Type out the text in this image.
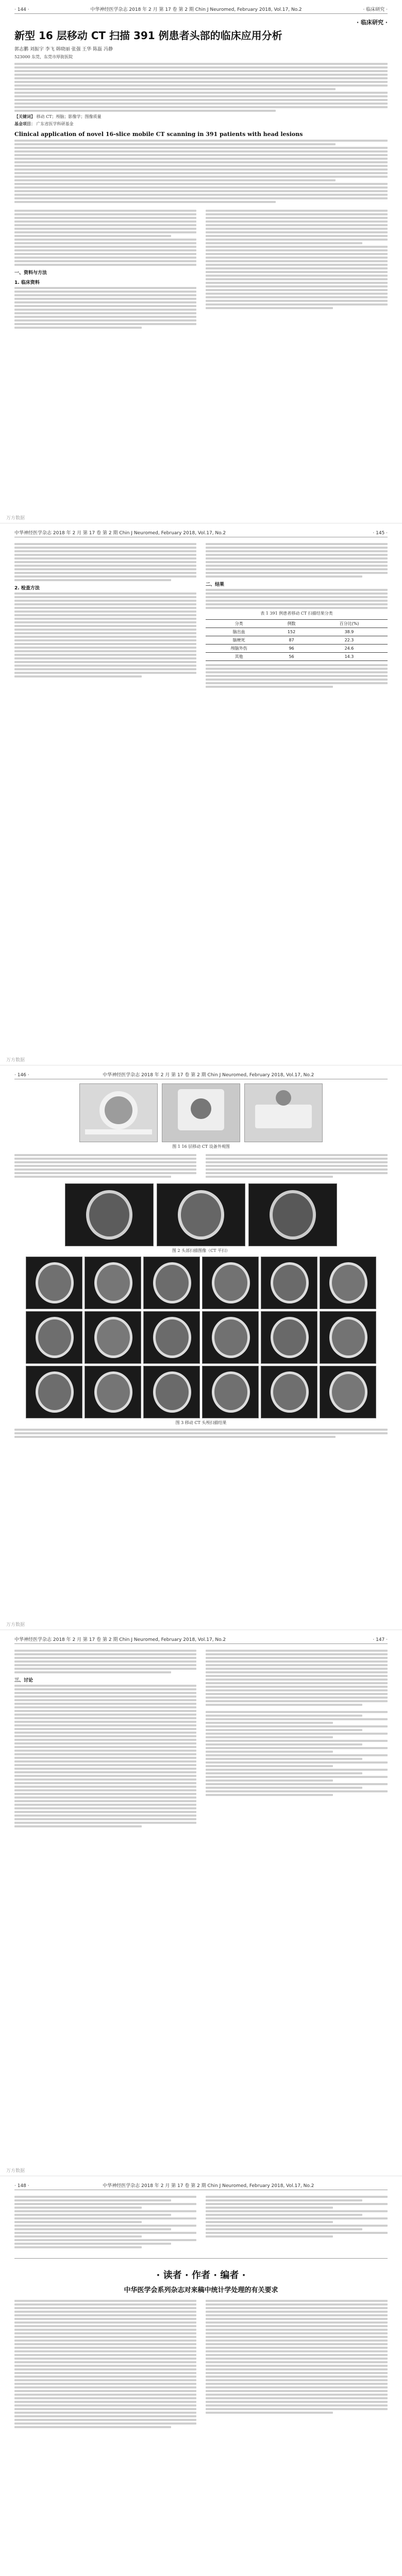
· 144 ·	中华神经医学杂志 2018 年 2 月 第 17 卷 第 2 期 Chin J Neuromed, February 2018, Vol.17, No.2	· 临床研究 ·
· 临床研究 ·
新型 16 层移动 CT 扫描 391 例患者头部的临床应用分析
郭志鹏 刘振宇 李飞 韩晓丽 张强 王华 陈磊 冯静
523000 东莞，东莞市厚街医院
【关键词】 移动 CT；颅脑；影像学；图像质量
基金项目： 广东省医学科研基金
Clinical application of novel 16-slice mobile CT scanning in 391 patients with head lesions
一、资料与方法
1. 临床资料
万方数据
中华神经医学杂志 2018 年 2 月 第 17 卷 第 2 期 Chin J Neuromed, February 2018, Vol.17, No.2	· 145 ·
2. 检查方法
二、结果
表 1 391 例患者移动 CT 扫描结果分类
分类	例数	百分比(%)
脑出血	152	38.9
脑梗死	87	22.3
颅脑外伤	96	24.6
其他	56	14.3
万方数据
· 146 ·	中华神经医学杂志 2018 年 2 月 第 17 卷 第 2 期 Chin J Neuromed, February 2018, Vol.17, No.2
图 1 16 层移动 CT 设备外观图
图 2 头部扫描图像（CT 平扫）
图 3 移动 CT 头颅扫描结果
万方数据
中华神经医学杂志 2018 年 2 月 第 17 卷 第 2 期 Chin J Neuromed, February 2018, Vol.17, No.2	· 147 ·
三、讨论
万方数据
· 148 ·	中华神经医学杂志 2018 年 2 月 第 17 卷 第 2 期 Chin J Neuromed, February 2018, Vol.17, No.2
· 读者 · 作者 · 编者 ·
中华医学会系列杂志对来稿中统计学处理的有关要求
